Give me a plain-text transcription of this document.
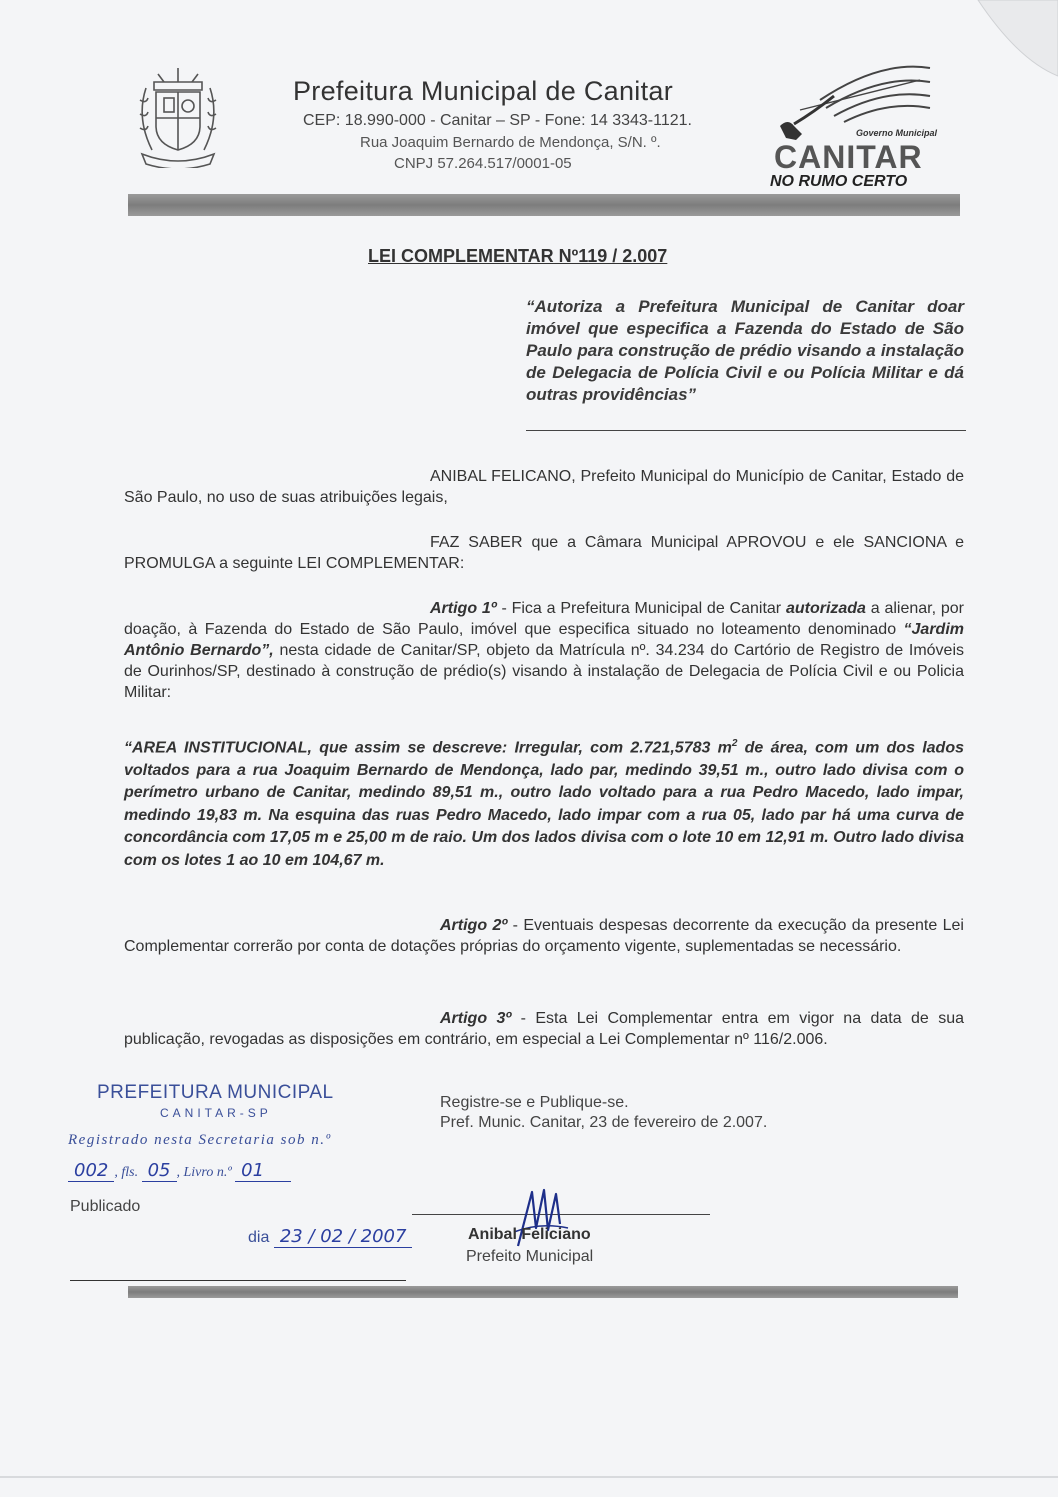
Prefeitura Municipal de Canitar
CEP: 18.990-000 - Canitar – SP - Fone: 14 3343-1121.
Rua Joaquim Bernardo de Mendonça, S/N. º.
CNPJ 57.264.517/0001-05
Governo Municipal
CANITAR
NO RUMO CERTO
LEI COMPLEMENTAR Nº119 / 2.007
“Autoriza a Prefeitura Municipal de Canitar doar imóvel que especifica a Fazenda do Estado de São Paulo para construção de prédio visando a instalação de Delegacia de Polícia Civil e ou Polícia Militar e dá outras providências”
ANIBAL FELICANO, Prefeito Municipal do Município de Canitar, Estado de São Paulo, no uso de suas atribuições legais,
FAZ SABER que a Câmara Municipal APROVOU e ele SANCIONA e PROMULGA a seguinte LEI COMPLEMENTAR:
Artigo 1º - Fica a Prefeitura Municipal de Canitar autorizada a alienar, por doação, à Fazenda do Estado de São Paulo, imóvel que especifica situado no loteamento denominado “Jardim Antônio Bernardo”, nesta cidade de Canitar/SP, objeto da Matrícula nº. 34.234 do Cartório de Registro de Imóveis de Ourinhos/SP, destinado à construção de prédio(s) visando à instalação de Delegacia de Polícia Civil e ou Policia Militar:
“AREA INSTITUCIONAL, que assim se descreve: Irregular, com 2.721,5783 $m^2$ de área, com um dos lados voltados para a rua Joaquim Bernardo de Mendonça, lado par, medindo 39,51 m., outro lado divisa com o perímetro urbano de Canitar, medindo 89,51 m., outro lado voltado para a rua Pedro Macedo, lado impar, medindo 19,83 m. Na esquina das ruas Pedro Macedo, lado impar com a rua 05, lado par há uma curva de concordância com 17,05 m e 25,00 m de raio. Um dos lados divisa com o lote 10 em 12,91 m. Outro lado divisa com os lotes 1 ao 10 em 104,67 m.
Artigo 2º - Eventuais despesas decorrente da execução da presente Lei Complementar correrão por conta de dotações próprias do orçamento vigente, suplementadas se necessário.
Artigo 3º - Esta Lei Complementar entra em vigor na data de sua publicação, revogadas as disposições em contrário, em especial a Lei Complementar nº 116/2.006.
PREFEITURA MUNICIPAL
CANITAR-SP
Registrado nesta Secretaria sob n.º
002 , fls. 05 , Livro n.º 01
Publicado
dia 23 / 02 / 2007
Registre-se e Publique-se.
Pref. Munic. Canitar, 23 de fevereiro de 2.007.
Anibal Feliciano
Prefeito Municipal
